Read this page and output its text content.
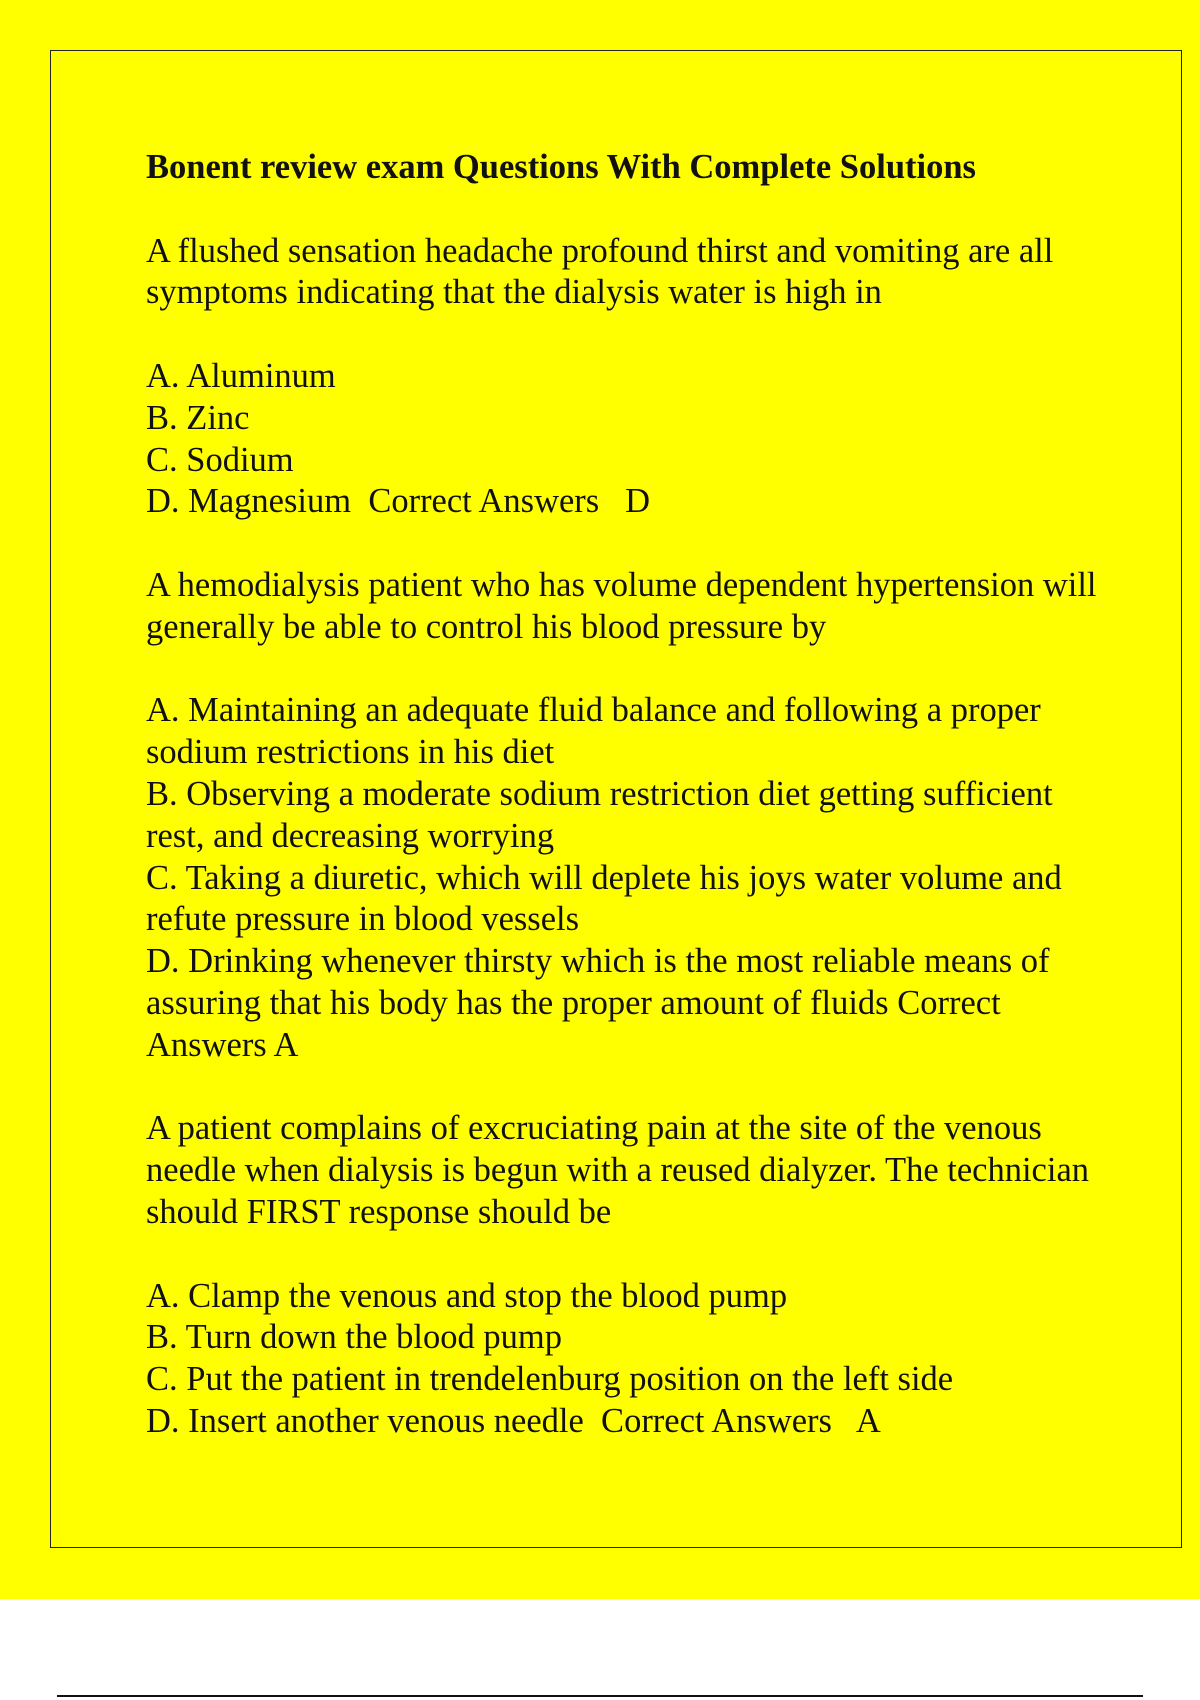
Bonent review exam Questions With Complete Solutions
A flushed sensation headache profound thirst and vomiting are all symptoms indicating that the dialysis water is high in
A. Aluminum
B. Zinc
C. Sodium
D. Magnesium  Correct Answers   D
A hemodialysis patient who has volume dependent hypertension will generally be able to control his blood pressure by
A. Maintaining an adequate fluid balance and following a proper sodium restrictions in his diet
B. Observing a moderate sodium restriction diet getting sufficient rest, and decreasing worrying
C. Taking a diuretic, which will deplete his joys water volume and refute pressure in blood vessels
D. Drinking whenever thirsty which is the most reliable means of assuring that his body has the proper amount of fluids Correct Answers A
A patient complains of excruciating pain at the site of the venous needle when dialysis is begun with a reused dialyzer. The technician should FIRST response should be
A. Clamp the venous and stop the blood pump
B. Turn down the blood pump
C. Put the patient in trendelenburg position on the left side
D. Insert another venous needle  Correct Answers   A
